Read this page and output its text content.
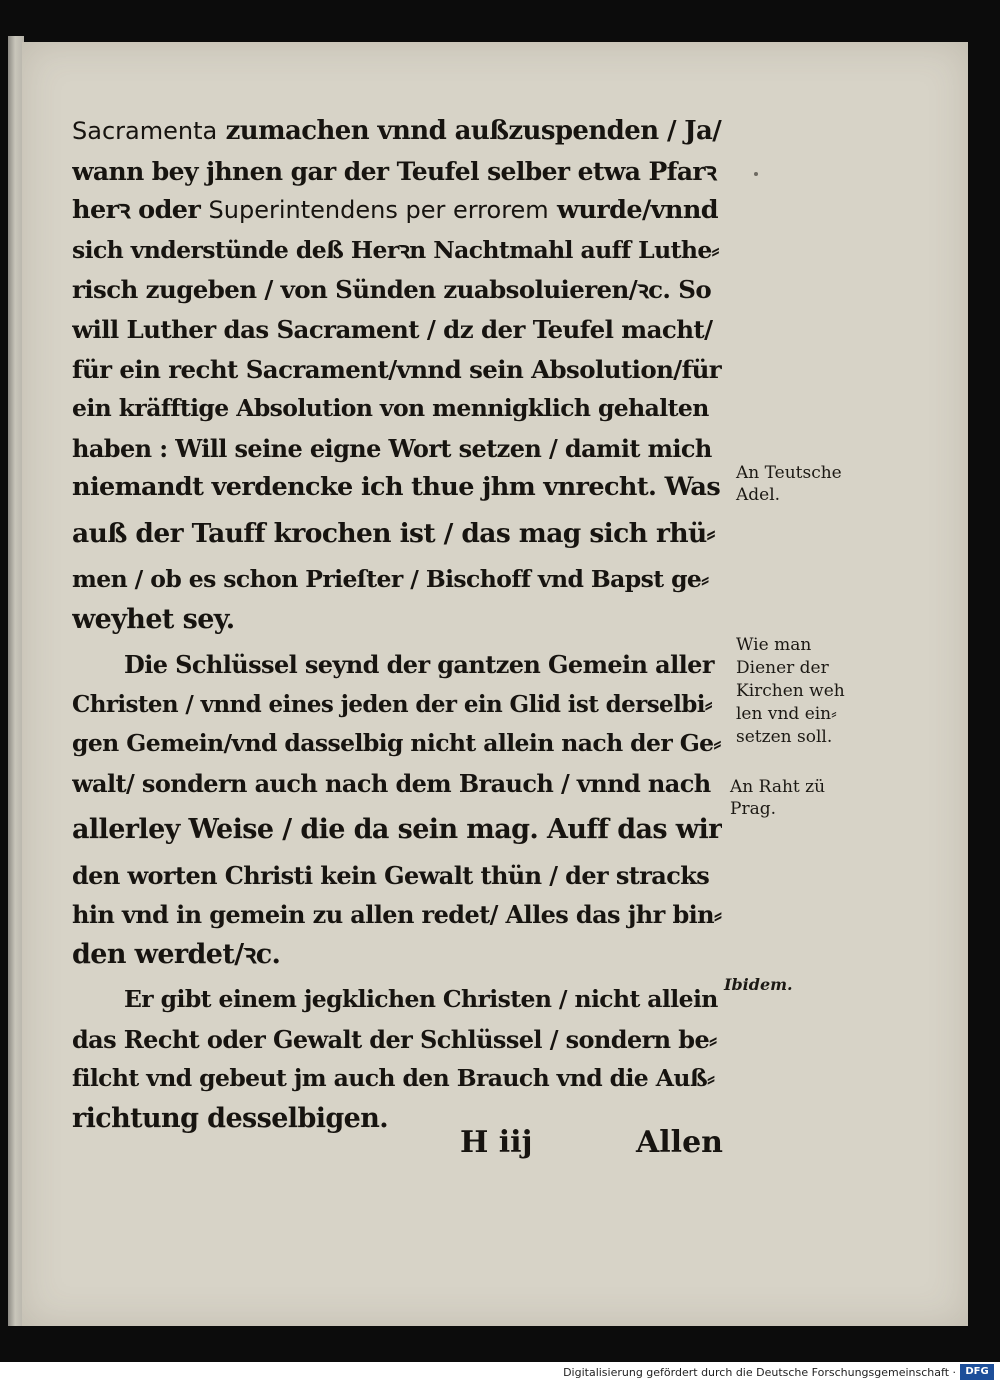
Sacramenta zumachen vnnd außzuspenden / Ja/
wann bey jhnen gar der Teufel selber etwa Pfarꝛ
herꝛ oder Superintendens per errorem wurde/vnnd
sich vnderstünde deß Herꝛn Nachtmahl auff Luthe⸗
risch zugeben / von Sünden zuabsoluieren/ꝛc. So
will Luther das Sacrament / dz der Teufel macht/
für ein recht Sacrament/vnnd sein Absolution/für
ein kräfftige Absolution von mennigklich gehalten
haben : Will seine eigne Wort setzen / damit mich
niemandt verdencke ich thue jhm vnrecht. Was
auß der Tauff krochen ist / das mag sich rhü⸗
men / ob es schon Prieſter / Bischoff vnd Bapst ge⸗
weyhet sey.
Die Schlüssel seynd der gantzen Gemein aller
Christen / vnnd eines jeden der ein Glid ist derselbi⸗
gen Gemein/vnd dasselbig nicht allein nach der Ge⸗
walt/ sondern auch nach dem Brauch / vnnd nach
allerley Weise / die da sein mag. Auff das wir
den worten Christi kein Gewalt thün / der stracks
hin vnd in gemein zu allen redet/ Alles das jhr bin⸗
den werdet/ꝛc.
Er gibt einem jegklichen Christen / nicht allein
das Recht oder Gewalt der Schlüssel / sondern be⸗
filcht vnd gebeut jm auch den Brauch vnd die Auß⸗
richtung desselbigen.
An Teutsche
Adel.
Wie man
Diener der
Kirchen weh
len vnd ein⸗
setzen soll.
An Raht zü
Prag.
Ibidem.
H iij	Allen
Digitalisierung gefördert durch die Deutsche Forschungsgemeinschaft · DFG
